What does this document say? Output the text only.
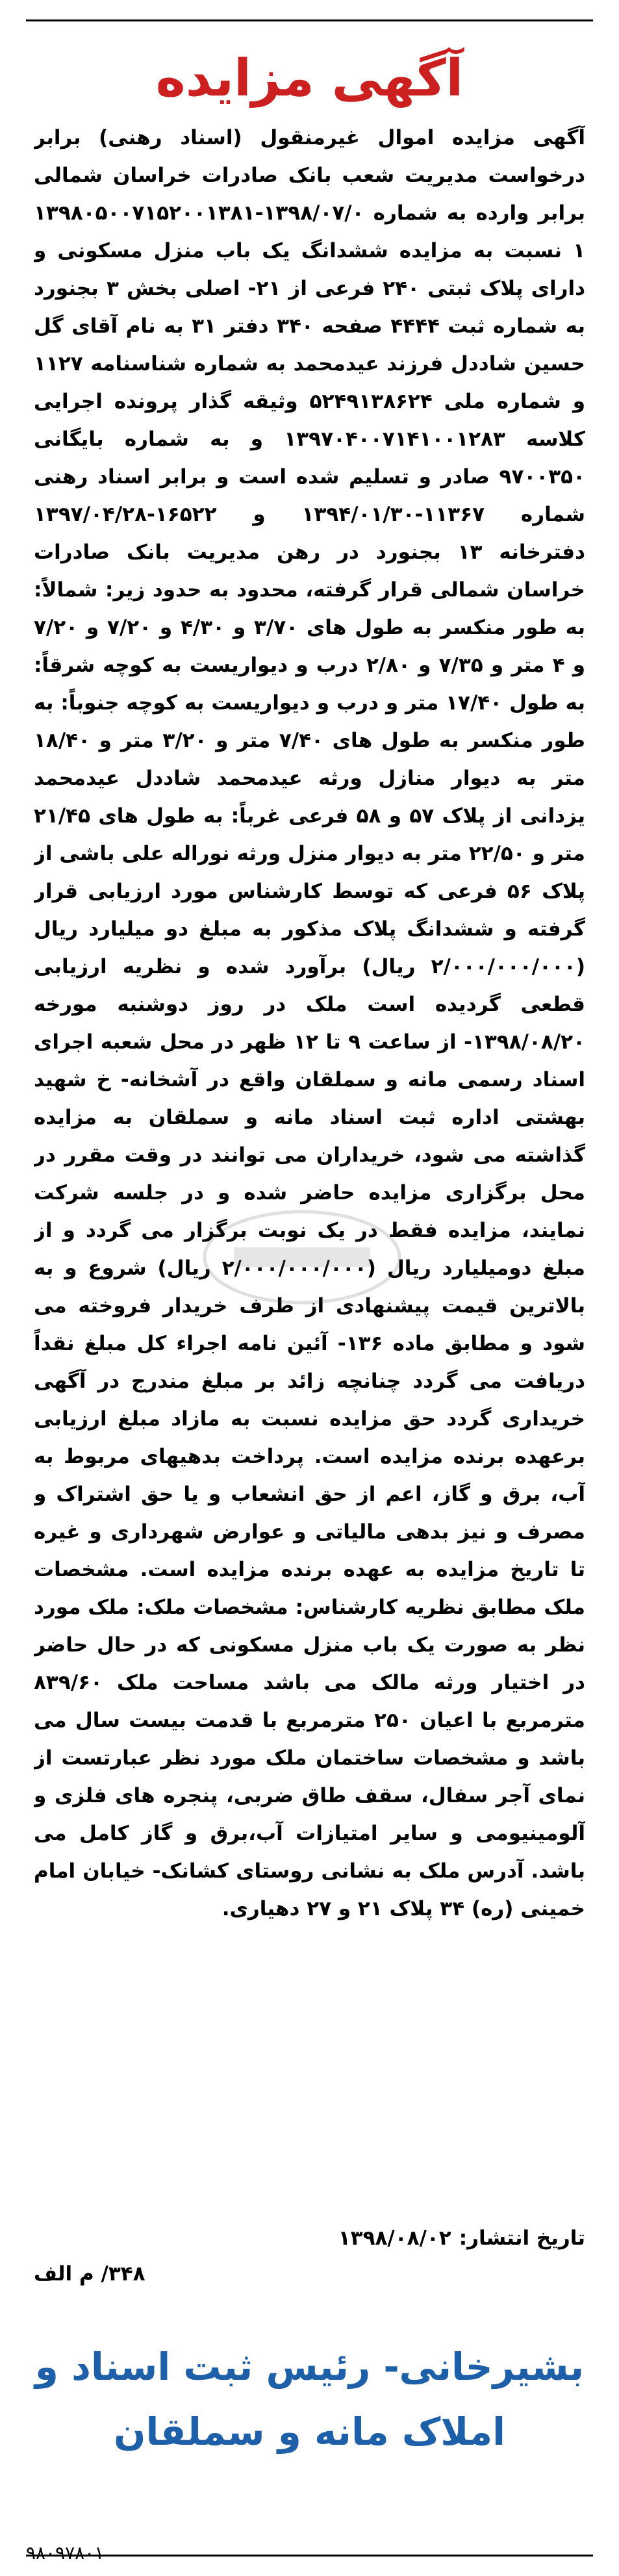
آگهی مزایده

آگهی مزایده اموال غیرمنقول (اسناد رهنی) برابر درخواست مدیریت شعب بانک صادرات خراسان شمالی برابر وارده به شماره ۱۳۹۸/۰۷/۰-۱۳۹۸۰۵۰۰۷۱۵۲۰۰۱۳۸۱ ۱ نسبت به مزایده ششدانگ یک باب منزل مسکونی و دارای پلاک ثبتی ۲۴۰ فرعی از ۲۱- اصلی بخش ۳ بجنورد به شماره ثبت ۴۴۴۴ صفحه ۳۴۰ دفتر ۳۱ به نام آقای گل حسین شاددل فرزند عیدمحمد به شماره شناسنامه ۱۱۲۷ و شماره ملی ۵۲۴۹۱۳۸۶۲۴ وثیقه گذار پرونده اجرایی کلاسه ۱۳۹۷۰۴۰۰۷۱۴۱۰۰۱۲۸۳ و به شماره بایگانی ۹۷۰۰۳۵۰ صادر و تسلیم شده است و برابر اسناد رهنی شماره ۱۱۳۶۷-۱۳۹۴/۰۱/۳۰ و ۱۶۵۲۲-۱۳۹۷/۰۴/۲۸ دفترخانه ۱۳ بجنورد در رهن مدیریت بانک صادرات خراسان شمالی قرار گرفته، محدود به حدود زیر: شمالاً: به طور منکسر به طول های ۳/۷۰ و ۴/۳۰ و ۷/۲۰ و ۷/۲۰ و ۴ متر و ۷/۳۵ و ۲/۸۰ درب و دیواریست به کوچه شرقاً: به طول ۱۷/۴۰ متر و درب و دیواریست به کوچه جنوباً: به طور منکسر به طول های ۷/۴۰ متر و ۳/۲۰ متر و ۱۸/۴۰ متر به دیوار منازل ورثه عیدمحمد شاددل عیدمحمد یزدانی از پلاک ۵۷ و ۵۸ فرعی غرباً: به طول های ۲۱/۴۵ متر و ۲۲/۵۰ متر به دیوار منزل ورثه نوراله علی باشی از پلاک ۵۶ فرعی که توسط کارشناس مورد ارزیابی قرار گرفته و ششدانگ پلاک مذکور به مبلغ دو میلیارد ریال (۲/۰۰۰/۰۰۰/۰۰۰ ریال) برآورد شده و نظریه ارزیابی قطعی گردیده است ملک در روز دوشنبه مورخه ۱۳۹۸/۰۸/۲۰- از ساعت ۹ تا ۱۲ ظهر در محل شعبه اجرای اسناد رسمی مانه و سملقان واقع در آشخانه- خ شهید بهشتی اداره ثبت اسناد مانه و سملقان به مزایده گذاشته می شود، خریداران می توانند در وقت مقرر در محل برگزاری مزایده حاضر شده و در جلسه شرکت نمایند، مزایده فقط در یک نوبت برگزار می گردد و از مبلغ دومیلیارد ریال (۲/۰۰۰/۰۰۰/۰۰۰ ریال) شروع و به بالاترین قیمت پیشنهادی از طرف خریدار فروخته می شود و مطابق ماده ۱۳۶- آئین نامه اجراء کل مبلغ نقداً دریافت می گردد چنانچه زائد بر مبلغ مندرج در آگهی خریداری گردد حق مزایده نسبت به مازاد مبلغ ارزیابی برعهده برنده مزایده است. پرداخت بدهیهای مربوط به آب، برق و گاز، اعم از حق انشعاب و یا حق اشتراک و مصرف و نیز بدهی مالیاتی و عوارض شهرداری و غیره تا تاریخ مزایده به عهده برنده مزایده است. مشخصات ملک مطابق نظریه کارشناس: مشخصات ملک: ملک مورد نظر به صورت یک باب منزل مسکونی که در حال حاضر در اختیار ورثه مالک می باشد مساحت ملک ۸۳۹/۶۰ مترمربع با اعیان ۲۵۰ مترمربع با قدمت بیست سال می باشد و مشخصات ساختمان ملک مورد نظر عبارتست از نمای آجر سفال، سقف طاق ضربی، پنجره های فلزی و آلومینیومی و سایر امتیازات آب،برق و گاز کامل می باشد. آدرس ملک به نشانی روستای کشانک- خیابان امام خمینی (ره) ۳۴ پلاک ۲۱ و ۲۷ دهیاری.

تاریخ انتشار:۱۳۹۸/۰۸/۰۲
۳۴۸/ م الف
بشیرخانی- رئیس ثبت اسناد و
املاک مانه و سملقان
٩٨٠٩٧٨٠١
